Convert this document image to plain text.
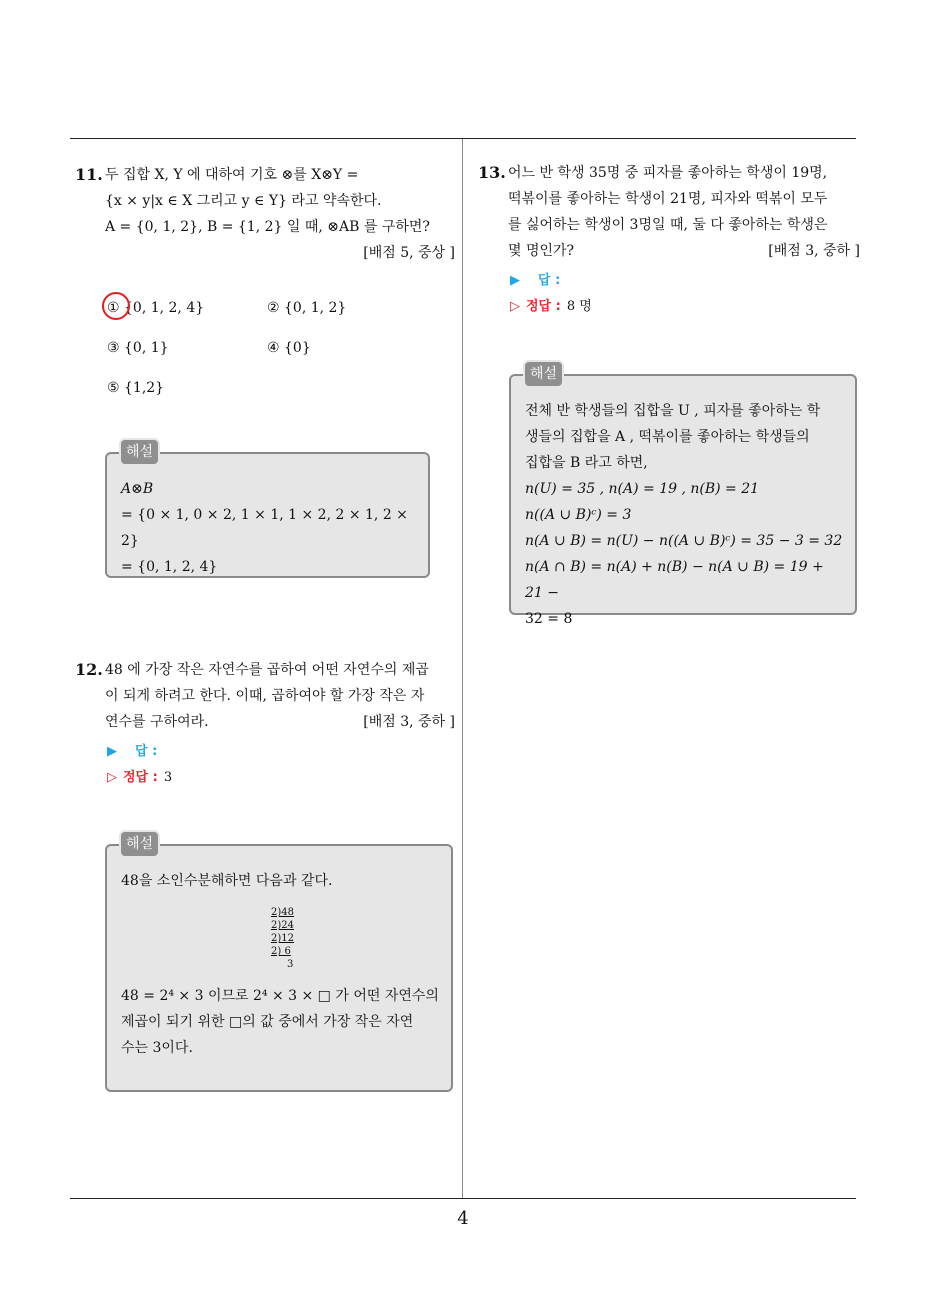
11. 두 집합 X, Y 에 대하여 기호 ⊗를 X⊗Y =
{x × y|x ∈ X 그리고 y ∈ Y} 라고 약속한다.
A = {0, 1, 2}, B = {1, 2} 일 때, ⊗AB 를 구하면?
[배점 5, 중상 ]
① {0, 1, 2, 4}	② {0, 1, 2}
③ {0, 1}	④ {0}
⑤ {1,2}
해설
A⊗B
= {0 × 1, 0 × 2, 1 × 1, 1 × 2, 2 × 1, 2 × 2}
= {0, 1, 2, 4}
12. 48 에 가장 작은 자연수를 곱하여 어떤 자연수의 제곱
이 되게 하려고 한다. 이때, 곱하여야 할 가장 작은 자
연수를 구하여라.	[배점 3, 중하 ]
▶ 답 :
▷ 정답 : 3
해설
48을 소인수분해하면 다음과 같다.
2)48
2)24
2)12
2) 6
3
48 = 2⁴ × 3 이므로 2⁴ × 3 × □ 가 어떤 자연수의
제곱이 되기 위한 □의 값 중에서 가장 작은 자연
수는 3이다.
13. 어느 반 학생 35명 중 피자를 좋아하는 학생이 19명,
떡볶이를 좋아하는 학생이 21명, 피자와 떡볶이 모두
를 싫어하는 학생이 3명일 때, 둘 다 좋아하는 학생은
몇 명인가?	[배점 3, 중하 ]
▶ 답 :
▷ 정답 : 8 명
해설
전체 반 학생들의 집합을 U , 피자를 좋아하는 학
생들의 집합을 A , 떡볶이를 좋아하는 학생들의
집합을 B 라고 하면,
n(U) = 35 , n(A) = 19 , n(B) = 21
n((A ∪ B)ᶜ) = 3
n(A ∪ B) = n(U) − n((A ∪ B)ᶜ) = 35 − 3 = 32
n(A ∩ B) = n(A) + n(B) − n(A ∪ B) = 19 + 21 −
32 = 8
4
